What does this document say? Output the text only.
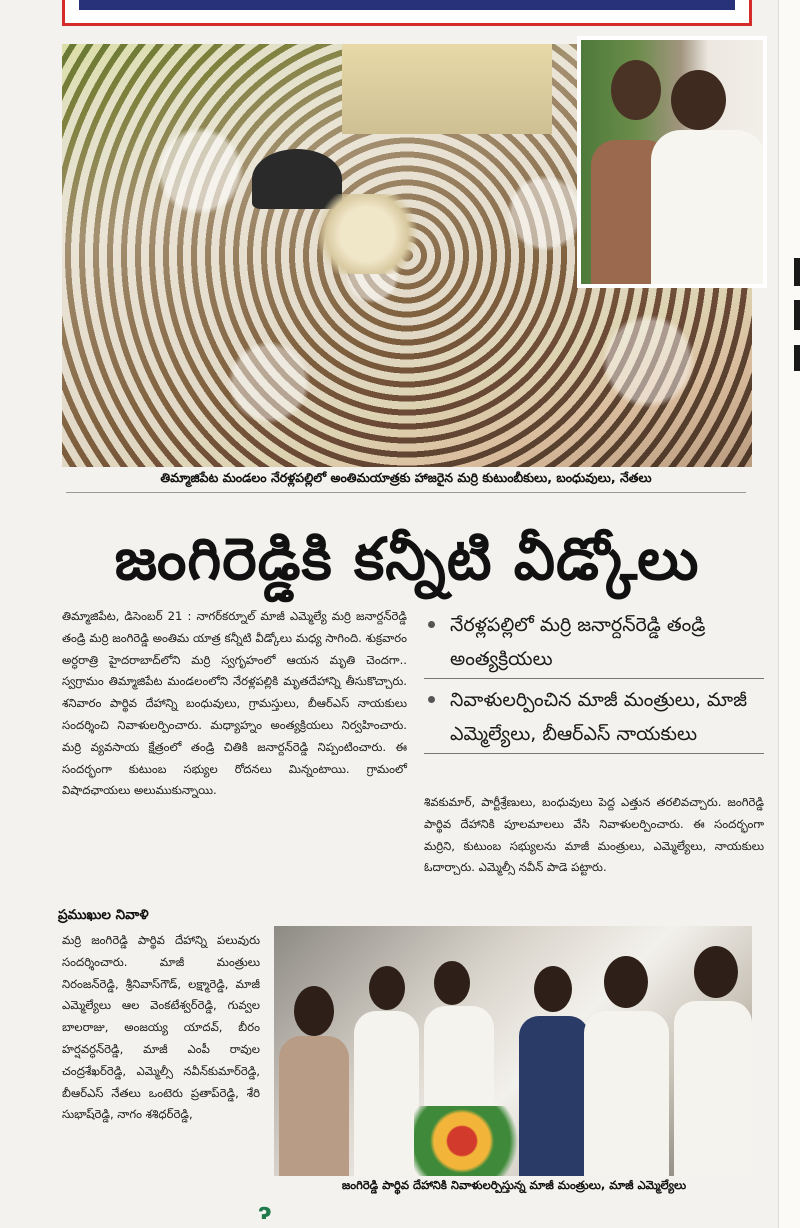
తిమ్మాజిపేట మండలం నేరళ్లపల్లిలో అంతిమయాత్రకు హాజరైన మర్రి కుటుంబీకులు, బంధువులు, నేతలు
జంగిరెడ్డికి కన్నీటి వీడ్కోలు
తిమ్మాజిపేట, డిసెంబర్‌ 21 : నాగర్‌కర్నూల్‌ మాజీ ఎమ్మెల్యే మర్రి జనార్దన్‌రెడ్డి తండ్రి మర్రి జంగిరెడ్డి అంతిమ యాత్ర కన్నీటి వీడ్కోలు మధ్య సాగింది. శుక్రవారం అర్ధరాత్రి హైదరాబాద్‌లోని మర్రి స్వగృహంలో ఆయన మృతి చెందగా.. స్వగ్రామం తిమ్మాజిపేట మండలంలోని నేరళ్లపల్లికి మృతదేహాన్ని తీసుకొచ్చారు. శనివారం పార్థివ దేహాన్ని బంధువులు, గ్రామస్తులు, బీఆర్‌ఎస్‌ నాయకులు సందర్శించి నివాళులర్పించారు. మధ్యాహ్నం అంత్యక్రియలు నిర్వహించారు. మర్రి వ్యవసాయ క్షేత్రంలో తండ్రి చితికి జనార్దన్‌రెడ్డి నిప్పంటించారు. ఈ సందర్భంగా కుటుంబ సభ్యుల రోదనలు మిన్నంటాయి. గ్రామంలో విషాదఛాయలు అలుముకున్నాయి.
నేరళ్లపల్లిలో మర్రి జనార్దన్‌రెడ్డి తండ్రి అంత్యక్రియలు
నివాళులర్పించిన మాజీ మంత్రులు, మాజీ ఎమ్మెల్యేలు, బీఆర్‌ఎస్‌ నాయకులు
శివకుమార్‌, పార్టీశ్రేణులు, బంధువులు పెద్ద ఎత్తున తరలివచ్చారు. జంగిరెడ్డి పార్థివ దేహానికి పూలమాలలు వేసి నివాళులర్పించారు. ఈ సందర్భంగా మర్రిని, కుటుంబ సభ్యులను మాజీ మంత్రులు, ఎమ్మెల్యేలు, నాయకులు ఓదార్చారు. ఎమ్మెల్సీ నవీన్‌ పాడె పట్టారు.
ప్రముఖుల నివాళి
మర్రి జంగిరెడ్డి పార్థివ దేహాన్ని పలువురు సందర్శించారు. మాజీ మంత్రులు నిరంజన్‌రెడ్డి, శ్రీనివాస్‌గౌడ్‌, లక్ష్మారెడ్డి, మాజీ ఎమ్మెల్యేలు ఆల వెంకటేశ్వర్‌రెడ్డి, గువ్వల బాలరాజు, అంజయ్య యాదవ్‌, బీరం హర్షవర్ధన్‌రెడ్డి, మాజీ ఎంపీ రావుల చంద్రశేఖర్‌రెడ్డి, ఎమ్మెల్సీ నవీన్‌కుమార్‌రెడ్డి, బీఆర్‌ఎస్‌ నేతలు ఒంటెరు ప్రతాప్‌రెడ్డి, శేరి సుభాష్‌రెడ్డి, నాగం శశిధర్‌రెడ్డి,
జంగిరెడ్డి పార్థివ దేహానికి నివాళులర్పిస్తున్న మాజీ మంత్రులు, మాజీ ఎమ్మెల్యేలు
ɂ
